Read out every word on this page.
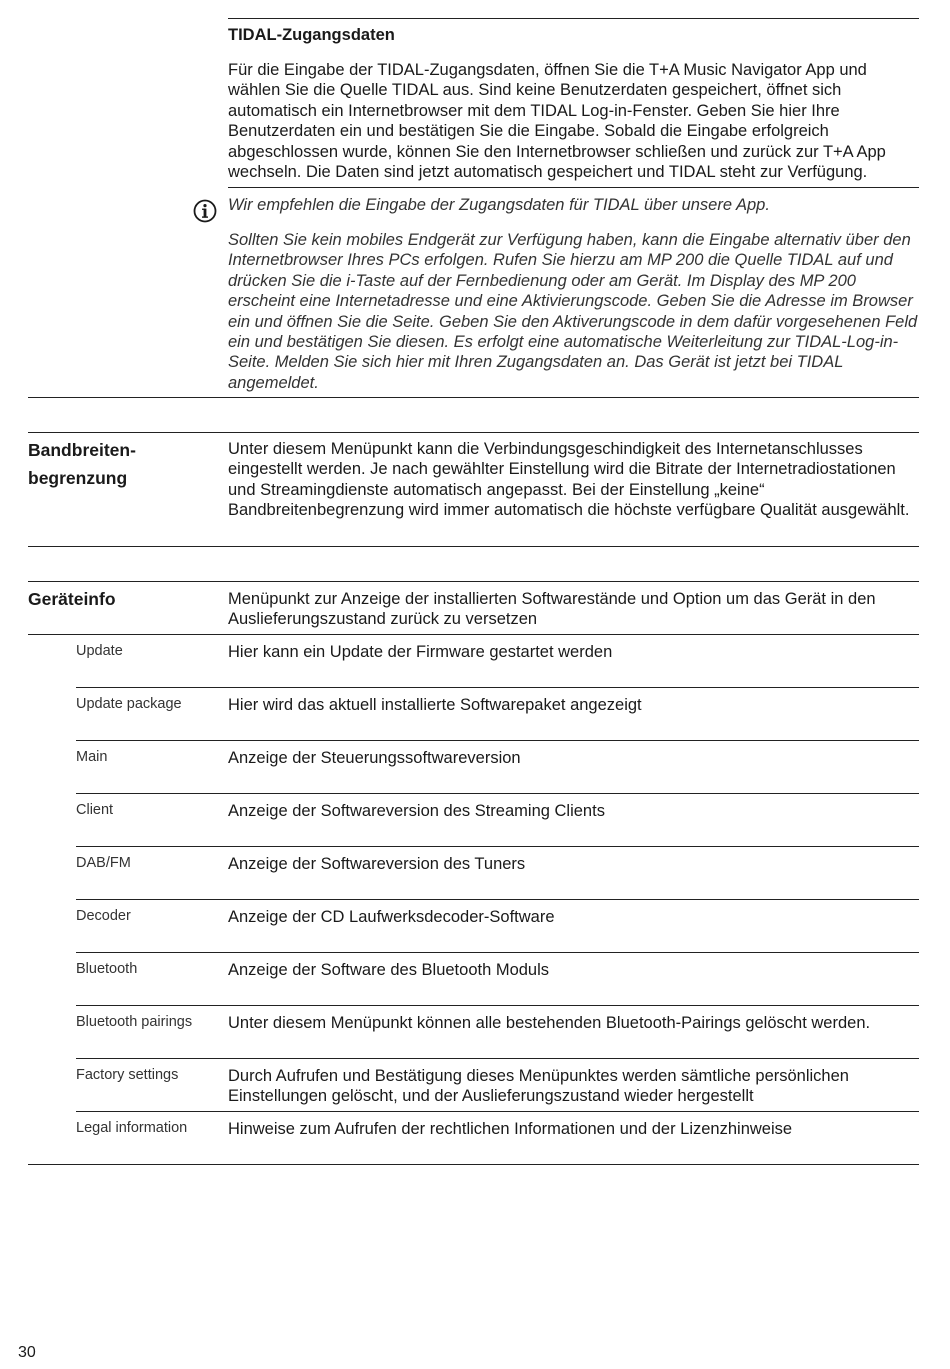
TIDAL-Zugangsdaten
Für die Eingabe der TIDAL-Zugangsdaten, öffnen Sie die T+A Music Navigator App und wählen Sie die Quelle TIDAL aus. Sind keine Benutzerdaten gespeichert, öffnet sich automatisch ein Internetbrowser mit dem TIDAL Log-in-Fenster. Geben Sie hier Ihre Benutzerdaten ein und bestätigen Sie die Eingabe. Sobald die Eingabe erfolgreich abgeschlossen wurde, können Sie den Internetbrowser schließen und zurück zur T+A App wechseln. Die Daten sind jetzt automatisch gespeichert und TIDAL steht zur Verfügung.
Wir empfehlen die Eingabe der Zugangsdaten für TIDAL über unsere App.
Sollten Sie kein mobiles Endgerät zur Verfügung haben, kann die Eingabe alternativ über den Internetbrowser Ihres PCs erfolgen. Rufen Sie hierzu am MP 200 die Quelle TIDAL auf und drücken Sie die i-Taste auf der Fernbedienung oder am Gerät. Im Display des MP 200 erscheint eine Internetadresse und eine Aktivierungscode. Geben Sie die Adresse im Browser ein und öffnen Sie die Seite. Geben Sie den Aktiverungscode in dem dafür vorgesehenen Feld ein und bestätigen Sie diesen. Es erfolgt eine automatische Weiterleitung zur TIDAL-Log-in-Seite. Melden Sie sich hier mit Ihren Zugangsdaten an. Das Gerät ist jetzt bei TIDAL angemeldet.
Bandbreiten-
begrenzung
Unter diesem Menüpunkt kann die Verbindungsgeschindigkeit des Internetanschlusses eingestellt werden. Je nach gewählter Einstellung wird die Bitrate der Internetradiostationen und Streamingdienste automatisch angepasst. Bei der Einstellung „keine“ Bandbreitenbegrenzung wird immer automatisch die höchste verfügbare Qualität ausgewählt.
Geräteinfo	Menüpunkt zur Anzeige der installierten Softwarestände und Option um das Gerät in den Auslieferungszustand zurück zu versetzen
Update	Hier kann ein Update der Firmware gestartet werden
Update package	Hier wird das aktuell installierte Softwarepaket angezeigt
Main	Anzeige der Steuerungssoftwareversion
Client	Anzeige der Softwareversion des Streaming Clients
DAB/FM	Anzeige der Softwareversion des Tuners
Decoder	Anzeige der CD Laufwerksdecoder-Software
Bluetooth	Anzeige der Software des Bluetooth Moduls
Bluetooth pairings	Unter diesem Menüpunkt können alle bestehenden Bluetooth-Pairings gelöscht werden.
Factory settings	Durch Aufrufen und Bestätigung dieses Menüpunktes werden sämtliche persönlichen Einstellungen gelöscht, und der Auslieferungszustand wieder hergestellt
Legal information	Hinweise zum Aufrufen der rechtlichen Informationen und der Lizenzhinweise
30
